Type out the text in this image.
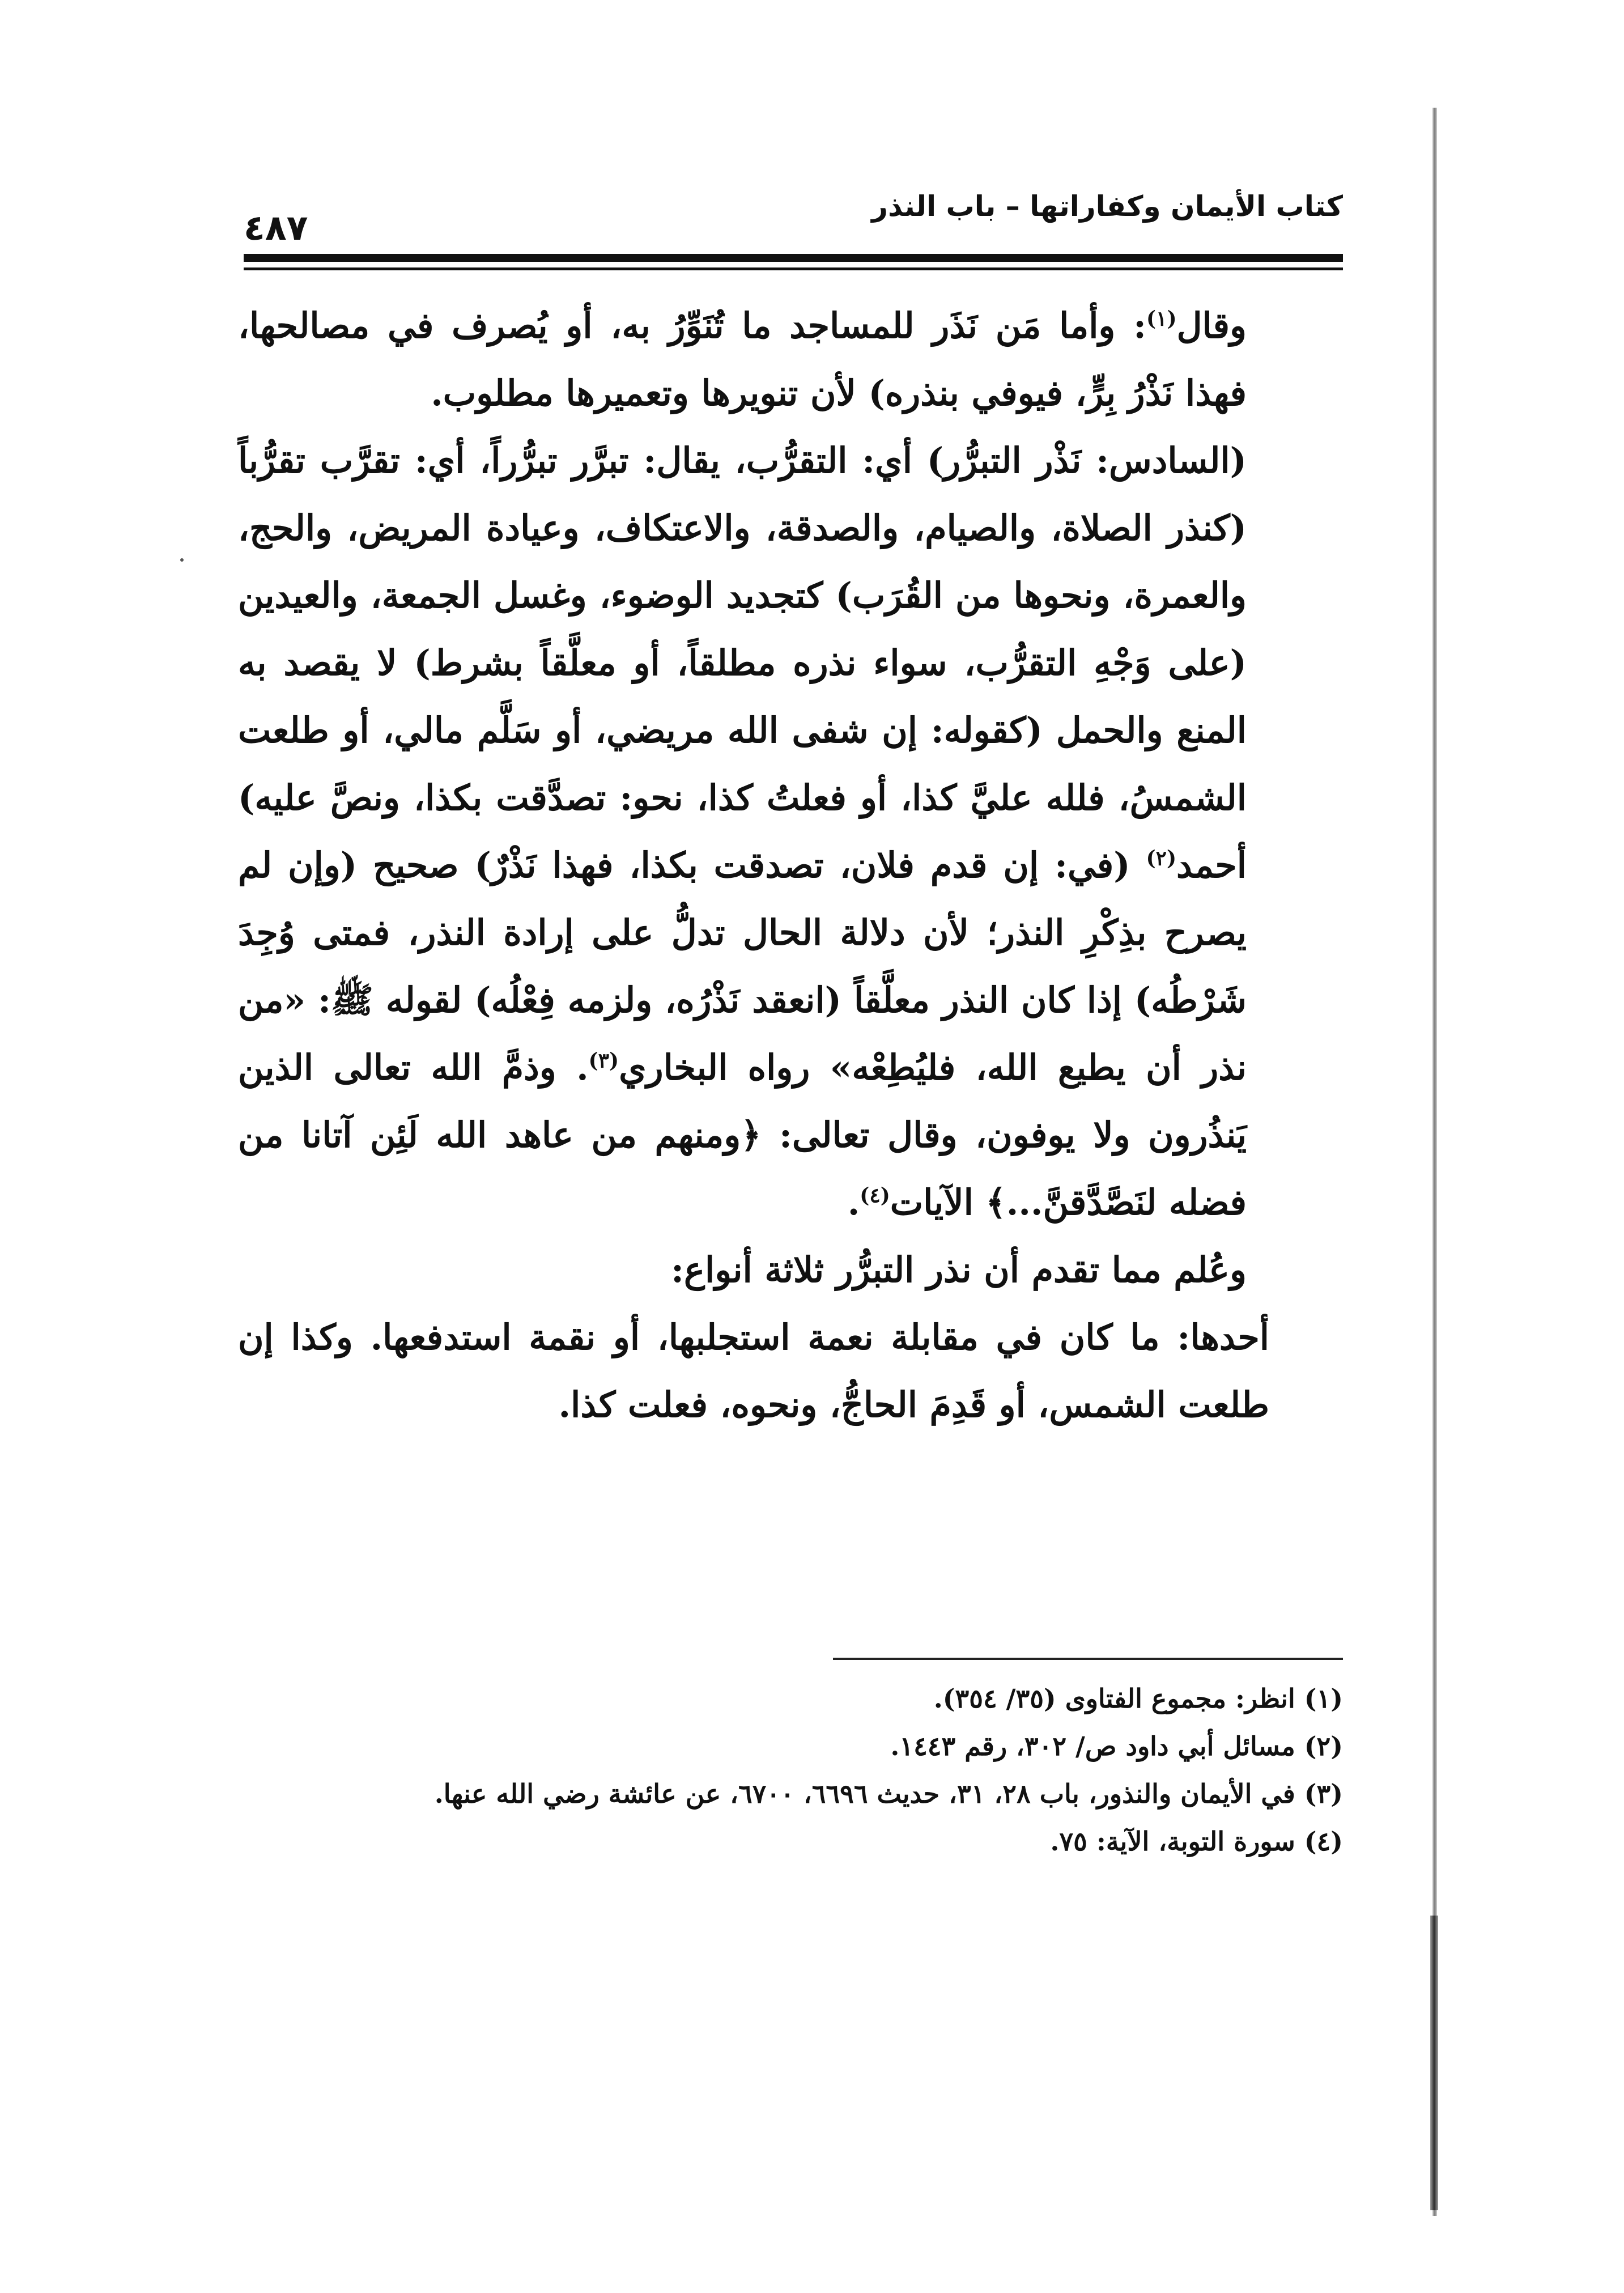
كتاب الأيمان وكفاراتها – باب النذر
٤٨٧

وقال$^{(١)}$: وأما مَن نَذَر للمساجد ما تُنَوِّرُ به، أو يُصرف في مصالحها، فهذا نَذْرُ بِرٍّ، فيوفي بنذره) لأن تنويرها وتعميرها مطلوب.

(السادس: نَذْر التبرُّر) أي: التقرُّب، يقال: تبرَّر تبرُّراً، أي: تقرَّب تقرُّباً (كنذر الصلاة، والصيام، والصدقة، والاعتكاف، وعيادة المريض، والحج، والعمرة، ونحوها من القُرَب) كتجديد الوضوء، وغسل الجمعة، والعيدين (على وَجْهِ التقرُّب، سواء نذره مطلقاً، أو معلَّقاً بشرط) لا يقصد به المنع والحمل (كقوله: إن شفى الله مريضي، أو سَلَّم مالي، أو طلعت الشمسُ، فلله عليَّ كذا، أو فعلتُ كذا، نحو: تصدَّقت بكذا، ونصَّ عليه) أحمد$^{(٢)}$ (في: إن قدم فلان، تصدقت بكذا، فهذا نَذْرٌ) صحيح (وإن لم يصرح بذِكْرِ النذر؛ لأن دلالة الحال تدلُّ على إرادة النذر، فمتى وُجِدَ شَرْطُه) إذا كان النذر معلَّقاً (انعقد نَذْرُه، ولزمه فِعْلُه) لقوله ﷺ: «من نذر أن يطيع الله، فليُطِعْه» رواه البخاري$^{(٣)}$. وذمَّ الله تعالى الذين يَنذُرون ولا يوفون، وقال تعالى: ﴿ومنهم من عاهد الله لَئِن آتانا من فضله لنَصَّدَّقنَّ...﴾ الآيات$^{(٤)}$.

وعُلم مما تقدم أن نذر التبرُّر ثلاثة أنواع:

أحدها: ما كان في مقابلة نعمة استجلبها، أو نقمة استدفعها. وكذا إن طلعت الشمس، أو قَدِمَ الحاجُّ، ونحوه، فعلت كذا.

(١) انظر: مجموع الفتاوى (٣٥/ ٣٥٤).

(٢) مسائل أبي داود ص/ ٣٠٢، رقم ١٤٤٣.

(٣) في الأيمان والنذور، باب ٢٨، ٣١، حديث ٦٦٩٦، ٦٧٠٠، عن عائشة رضي الله عنها.

(٤) سورة التوبة، الآية: ٧٥.
